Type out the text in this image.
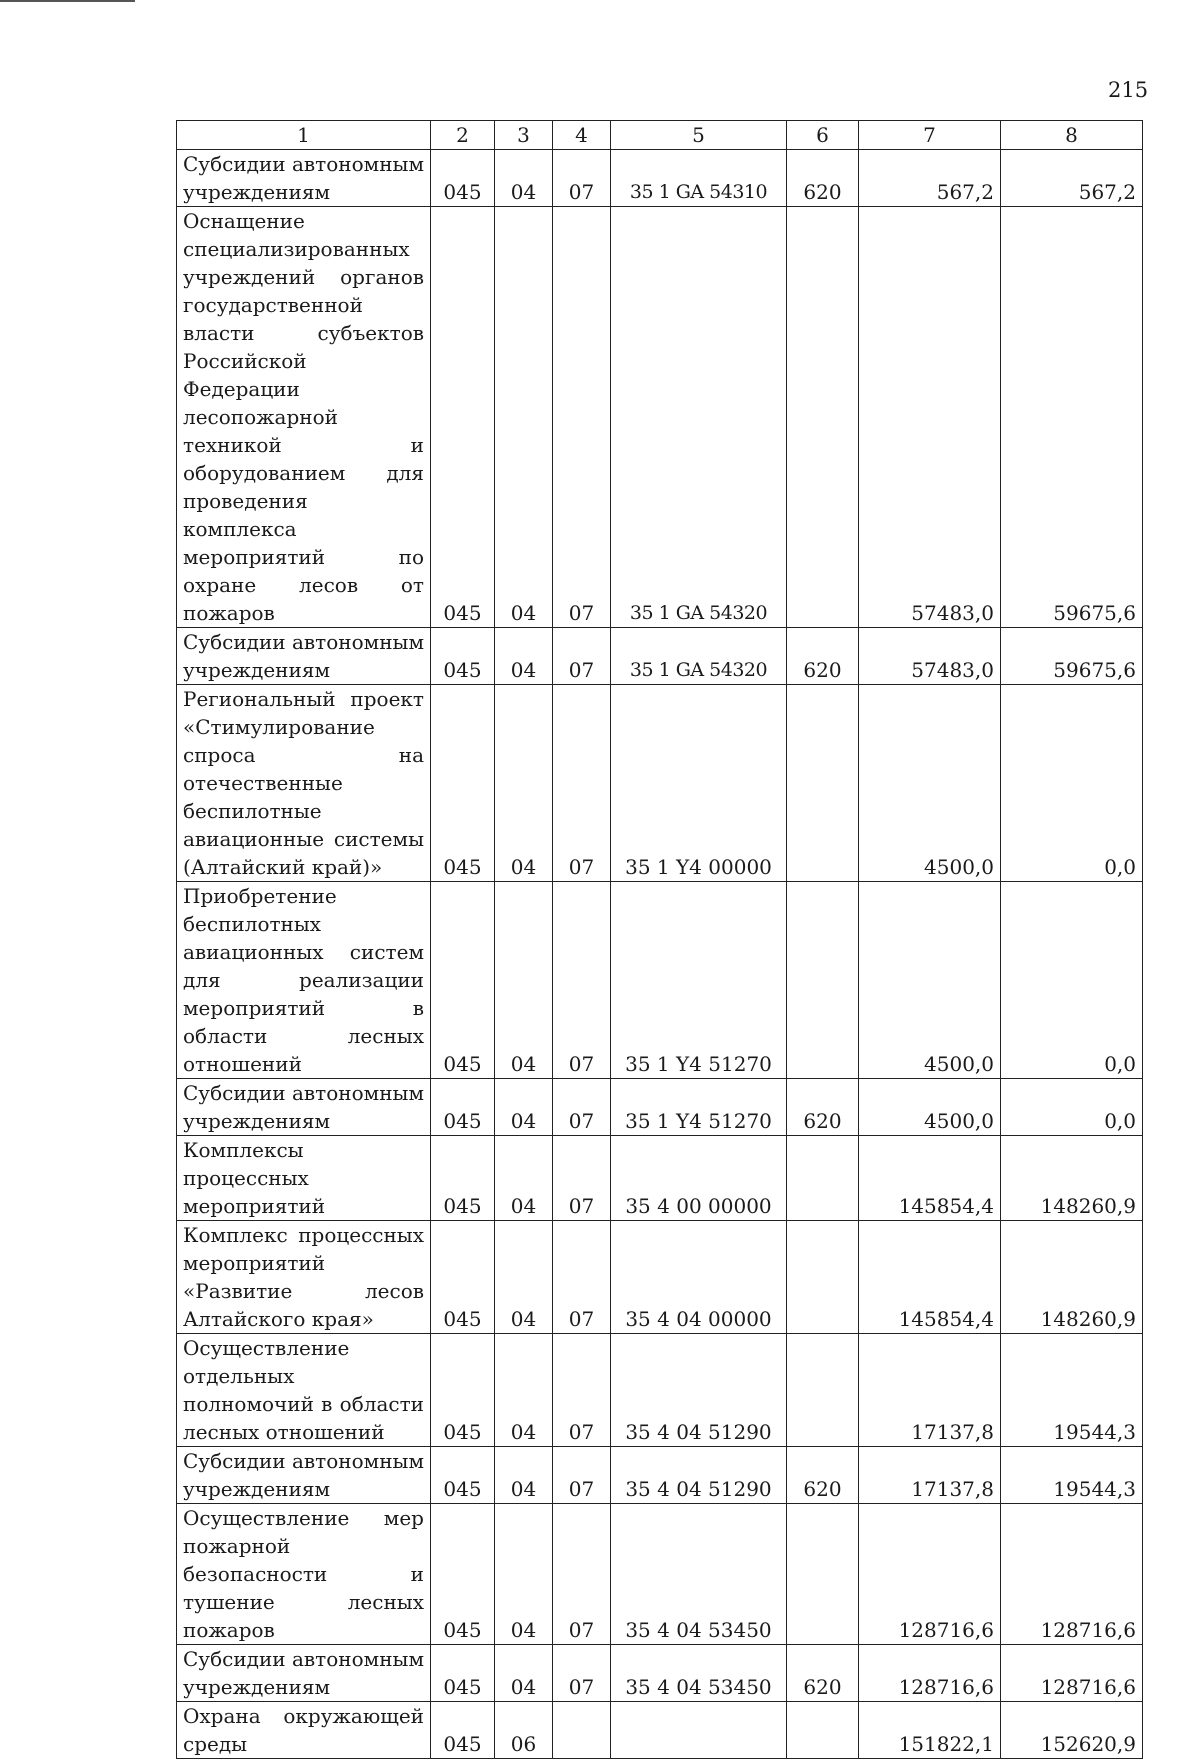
215
1	2	3	4	5	6	7	8
Субсидии автономным учреждениям	045	04	07	35 1 GA 54310	620	567,2	567,2
Оснащение специализированных учреждений органов государственной власти субъектов Российской Федерации лесопожарной техникой и оборудованием для проведения комплекса мероприятий по охране лесов от пожаров	045	04	07	35 1 GA 54320		57483,0	59675,6
Субсидии автономным учреждениям	045	04	07	35 1 GA 54320	620	57483,0	59675,6
Региональный проект «Стимулирование спроса на отечественные беспилотные авиационные системы (Алтайский край)»	045	04	07	35 1 Y4 00000		4500,0	0,0
Приобретение беспилотных авиационных систем для реализации мероприятий в области лесных отношений	045	04	07	35 1 Y4 51270		4500,0	0,0
Субсидии автономным учреждениям	045	04	07	35 1 Y4 51270	620	4500,0	0,0
Комплексы процессных мероприятий	045	04	07	35 4 00 00000		145854,4	148260,9
Комплекс процессных мероприятий «Развитие лесов Алтайского края»	045	04	07	35 4 04 00000		145854,4	148260,9
Осуществление отдельных полномочий в области лесных отношений	045	04	07	35 4 04 51290		17137,8	19544,3
Субсидии автономным учреждениям	045	04	07	35 4 04 51290	620	17137,8	19544,3
Осуществление мер пожарной безопасности и тушение лесных пожаров	045	04	07	35 4 04 53450		128716,6	128716,6
Субсидии автономным учреждениям	045	04	07	35 4 04 53450	620	128716,6	128716,6
Охрана окружающей среды	045	06				151822,1	152620,9
